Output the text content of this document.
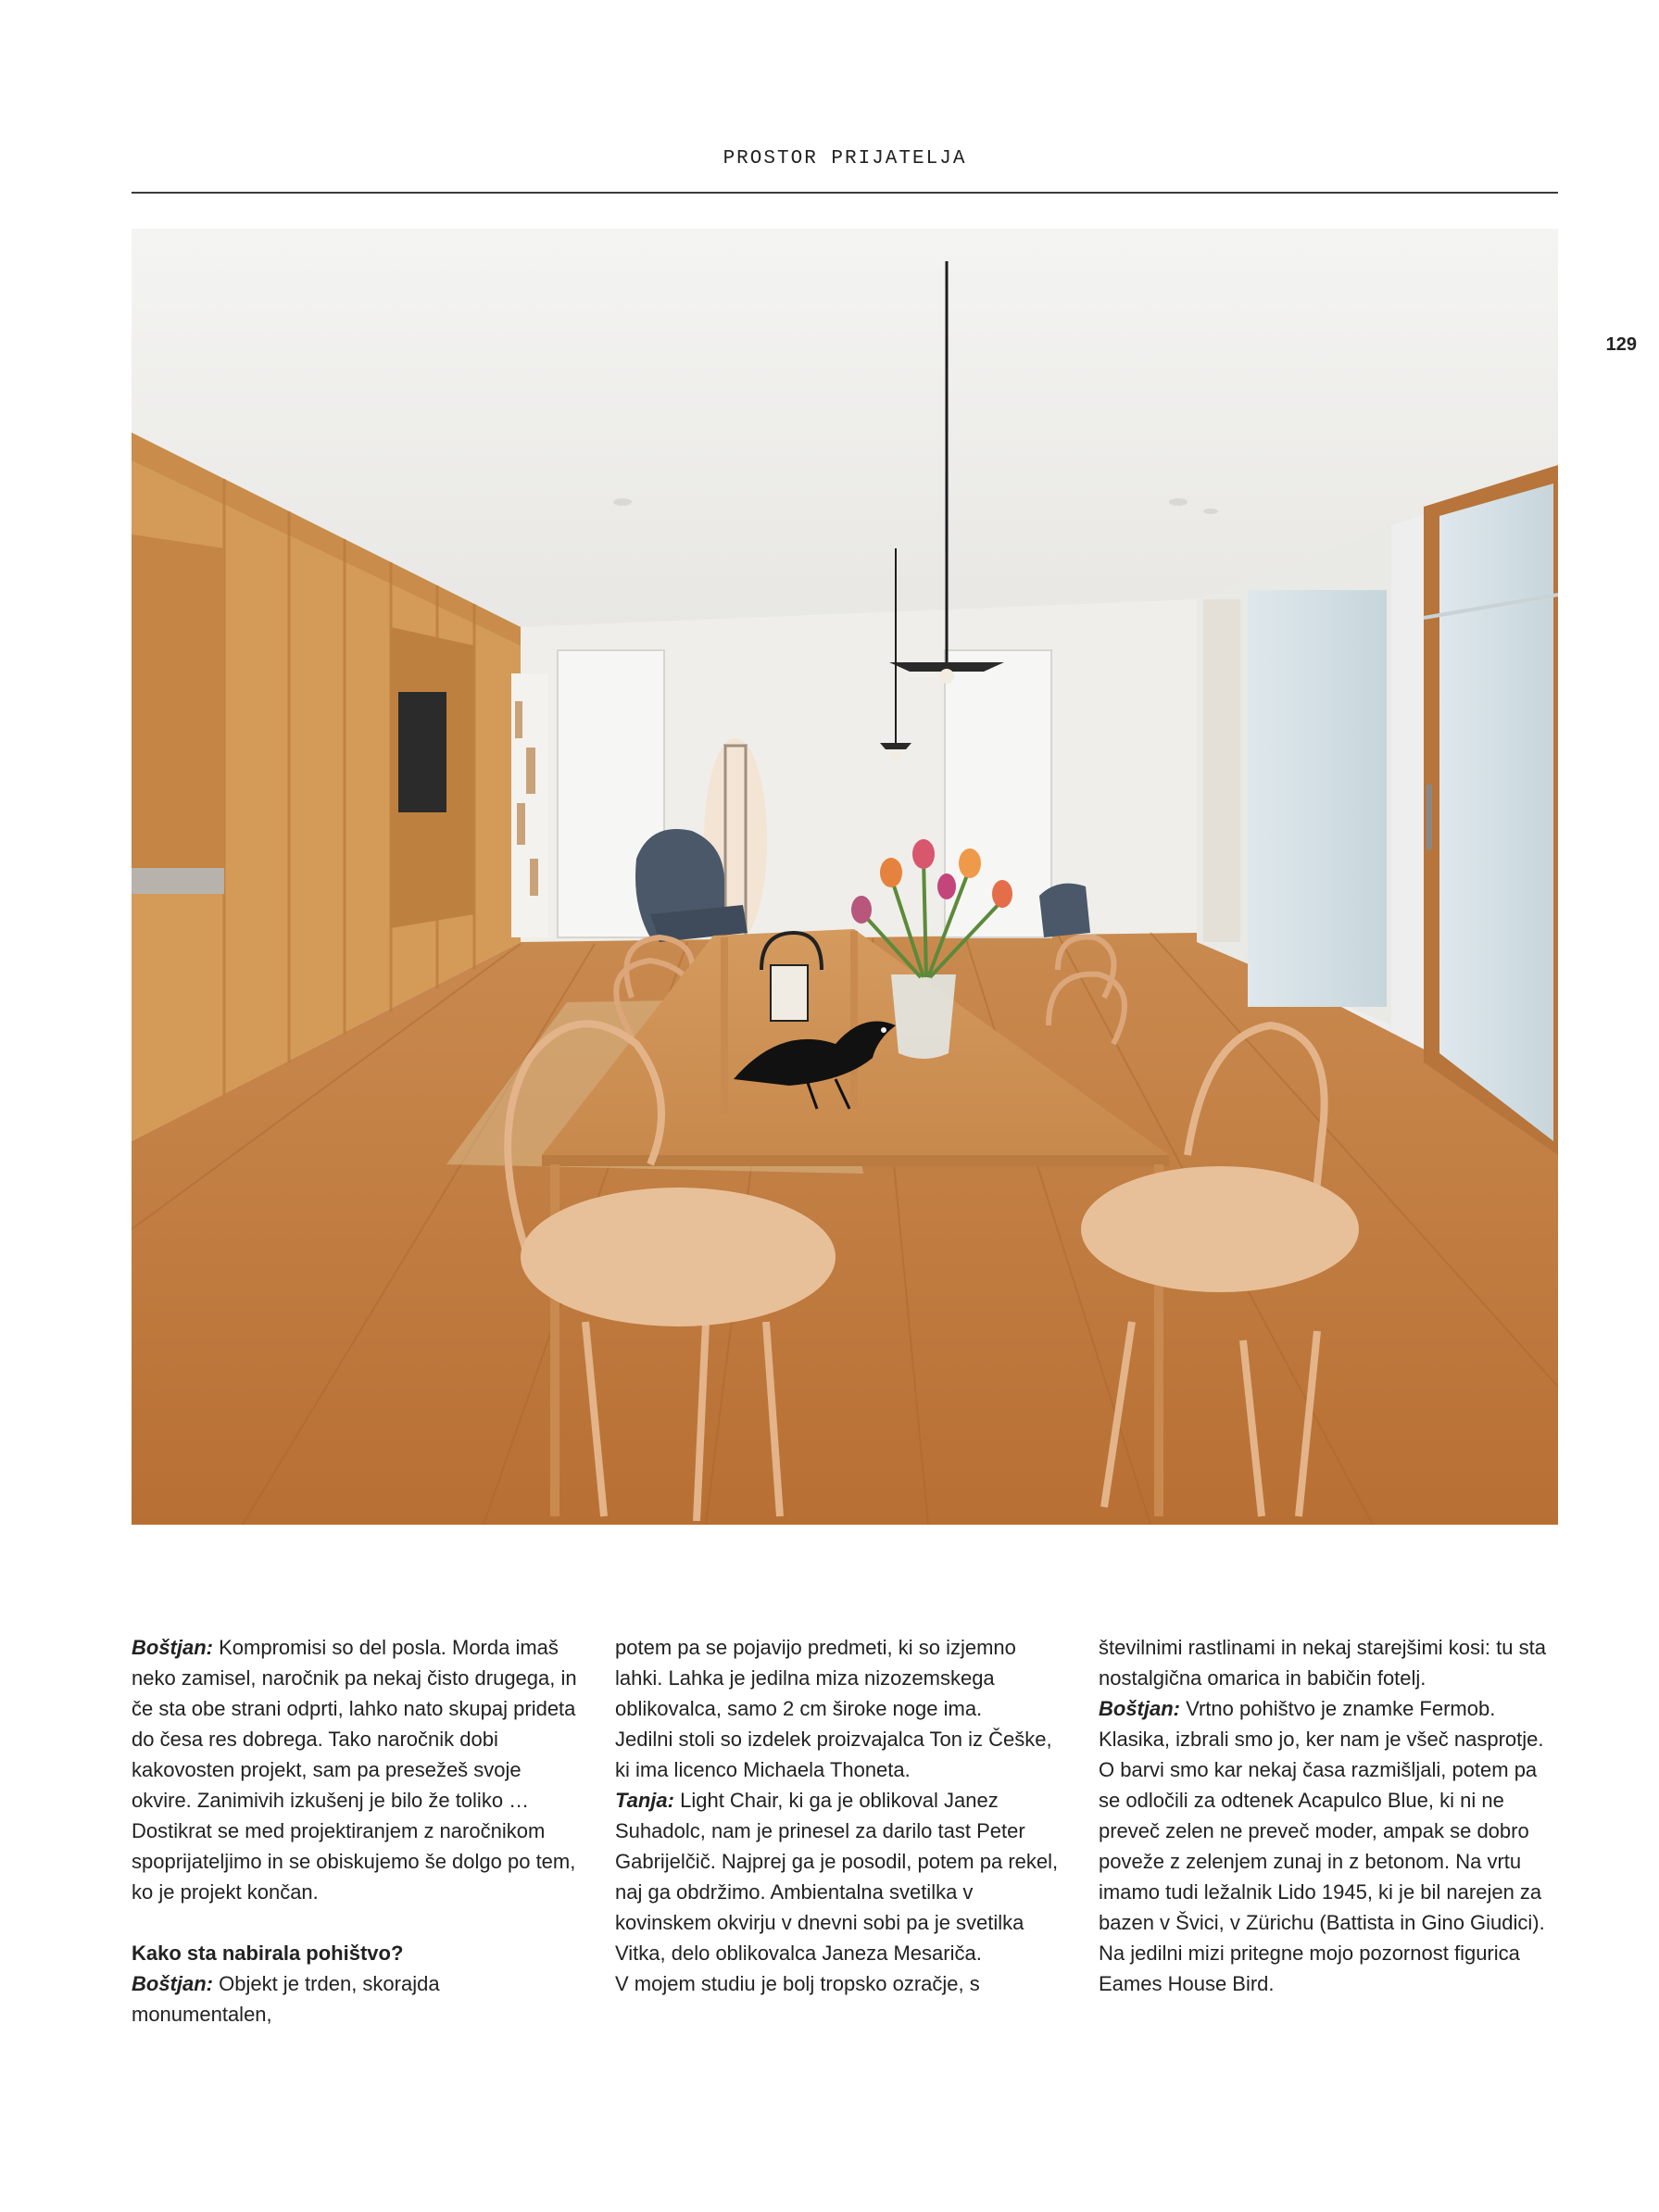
PROSTOR PRIJATELJA
129

Boštjan: Kompromisi so del posla. Morda imaš neko zamisel, naročnik pa nekaj čisto drugega, in če sta obe strani odprti, lahko nato skupaj prideta do česa res dobrega. Tako naročnik dobi kakovosten projekt, sam pa presežeš svoje okvire. Zanimivih izkušenj je bilo že toliko … Dostikrat se med projektiranjem z naročnikom spoprijateljimo in se obiskujemo še dolgo po tem, ko je projekt končan.

Kako sta nabirala pohištvo?

Boštjan: Objekt je trden, skorajda monumentalen,

potem pa se pojavijo predmeti, ki so izjemno lahki. Lahka je jedilna miza nizozemskega oblikovalca, samo 2 cm široke noge ima.

Jedilni stoli so izdelek proizvajalca Ton iz Češke, ki ima licenco Michaela Thoneta.

Tanja: Light Chair, ki ga je oblikoval Janez Suhadolc, nam je prinesel za darilo tast Peter Gabrijelčič. Najprej ga je posodil, potem pa rekel, naj ga obdržimo. Ambientalna svetilka v kovinskem okvirju v dnevni sobi pa je svetilka Vitka, delo oblikovalca Janeza Mesariča.

V mojem studiu je bolj tropsko ozračje, s

številnimi rastlinami in nekaj starejšimi kosi: tu sta nostalgična omarica in babičin fotelj.

Boštjan: Vrtno pohištvo je znamke Fermob. Klasika, izbrali smo jo, ker nam je všeč nasprotje. O barvi smo kar nekaj časa razmišljali, potem pa se odločili za odtenek Acapulco Blue, ki ni ne preveč zelen ne preveč moder, ampak se dobro poveže z zelenjem zunaj in z betonom. Na vrtu imamo tudi ležalnik Lido 1945, ki je bil narejen za bazen v Švici, v Zürichu (Battista in Gino Giudici).

Na jedilni mizi pritegne mojo pozornost figurica Eames House Bird.
